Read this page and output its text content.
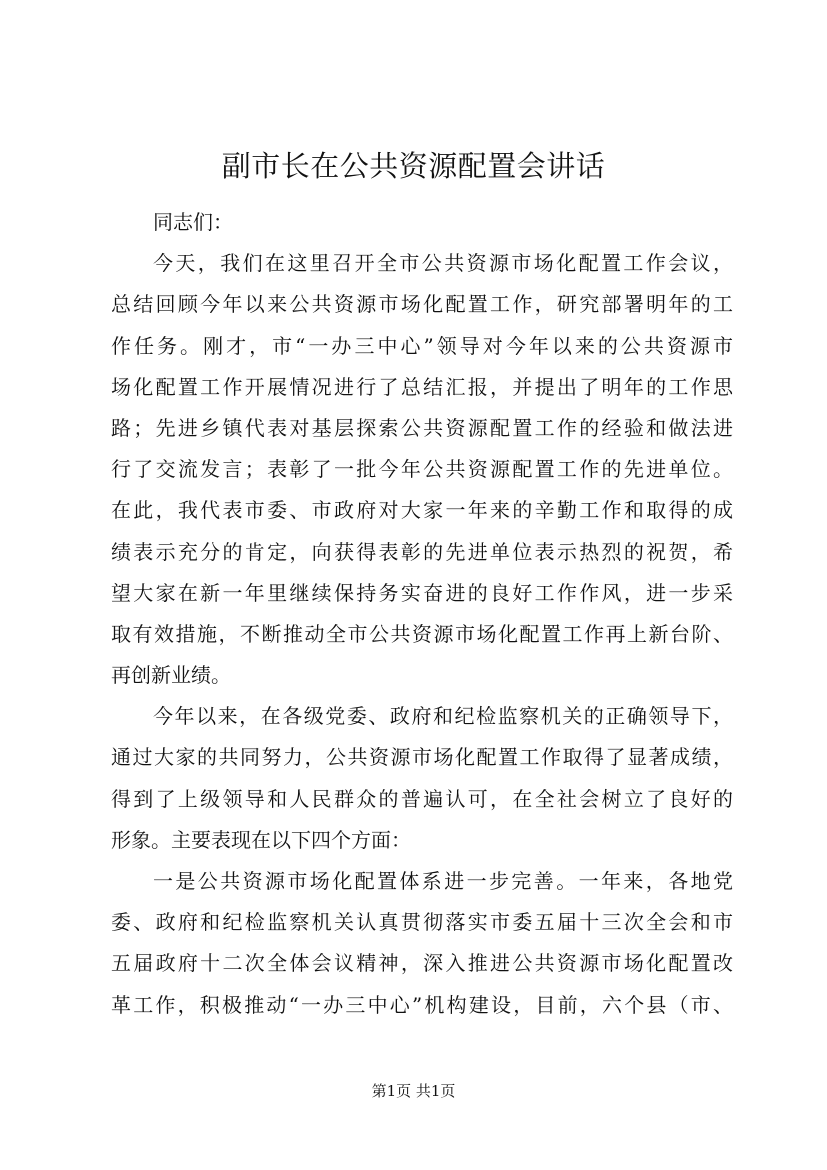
副市长在公共资源配置会讲话
同志们：
今天，我们在这里召开全市公共资源市场化配置工作会议，
总结回顾今年以来公共资源市场化配置工作，研究部署明年的工
作任务。刚才，市“一办三中心”领导对今年以来的公共资源市
场化配置工作开展情况进行了总结汇报，并提出了明年的工作思
路；先进乡镇代表对基层探索公共资源配置工作的经验和做法进
行了交流发言；表彰了一批今年公共资源配置工作的先进单位。
在此，我代表市委、市政府对大家一年来的辛勤工作和取得的成
绩表示充分的肯定，向获得表彰的先进单位表示热烈的祝贺，希
望大家在新一年里继续保持务实奋进的良好工作作风，进一步采
取有效措施，不断推动全市公共资源市场化配置工作再上新台阶、
再创新业绩。
今年以来，在各级党委、政府和纪检监察机关的正确领导下，
通过大家的共同努力，公共资源市场化配置工作取得了显著成绩，
得到了上级领导和人民群众的普遍认可，在全社会树立了良好的
形象。主要表现在以下四个方面：
一是公共资源市场化配置体系进一步完善。一年来，各地党
委、政府和纪检监察机关认真贯彻落实市委五届十三次全会和市
五届政府十二次全体会议精神，深入推进公共资源市场化配置改
革工作，积极推动“一办三中心”机构建设，目前，六个县（市、
第1页 共1页
